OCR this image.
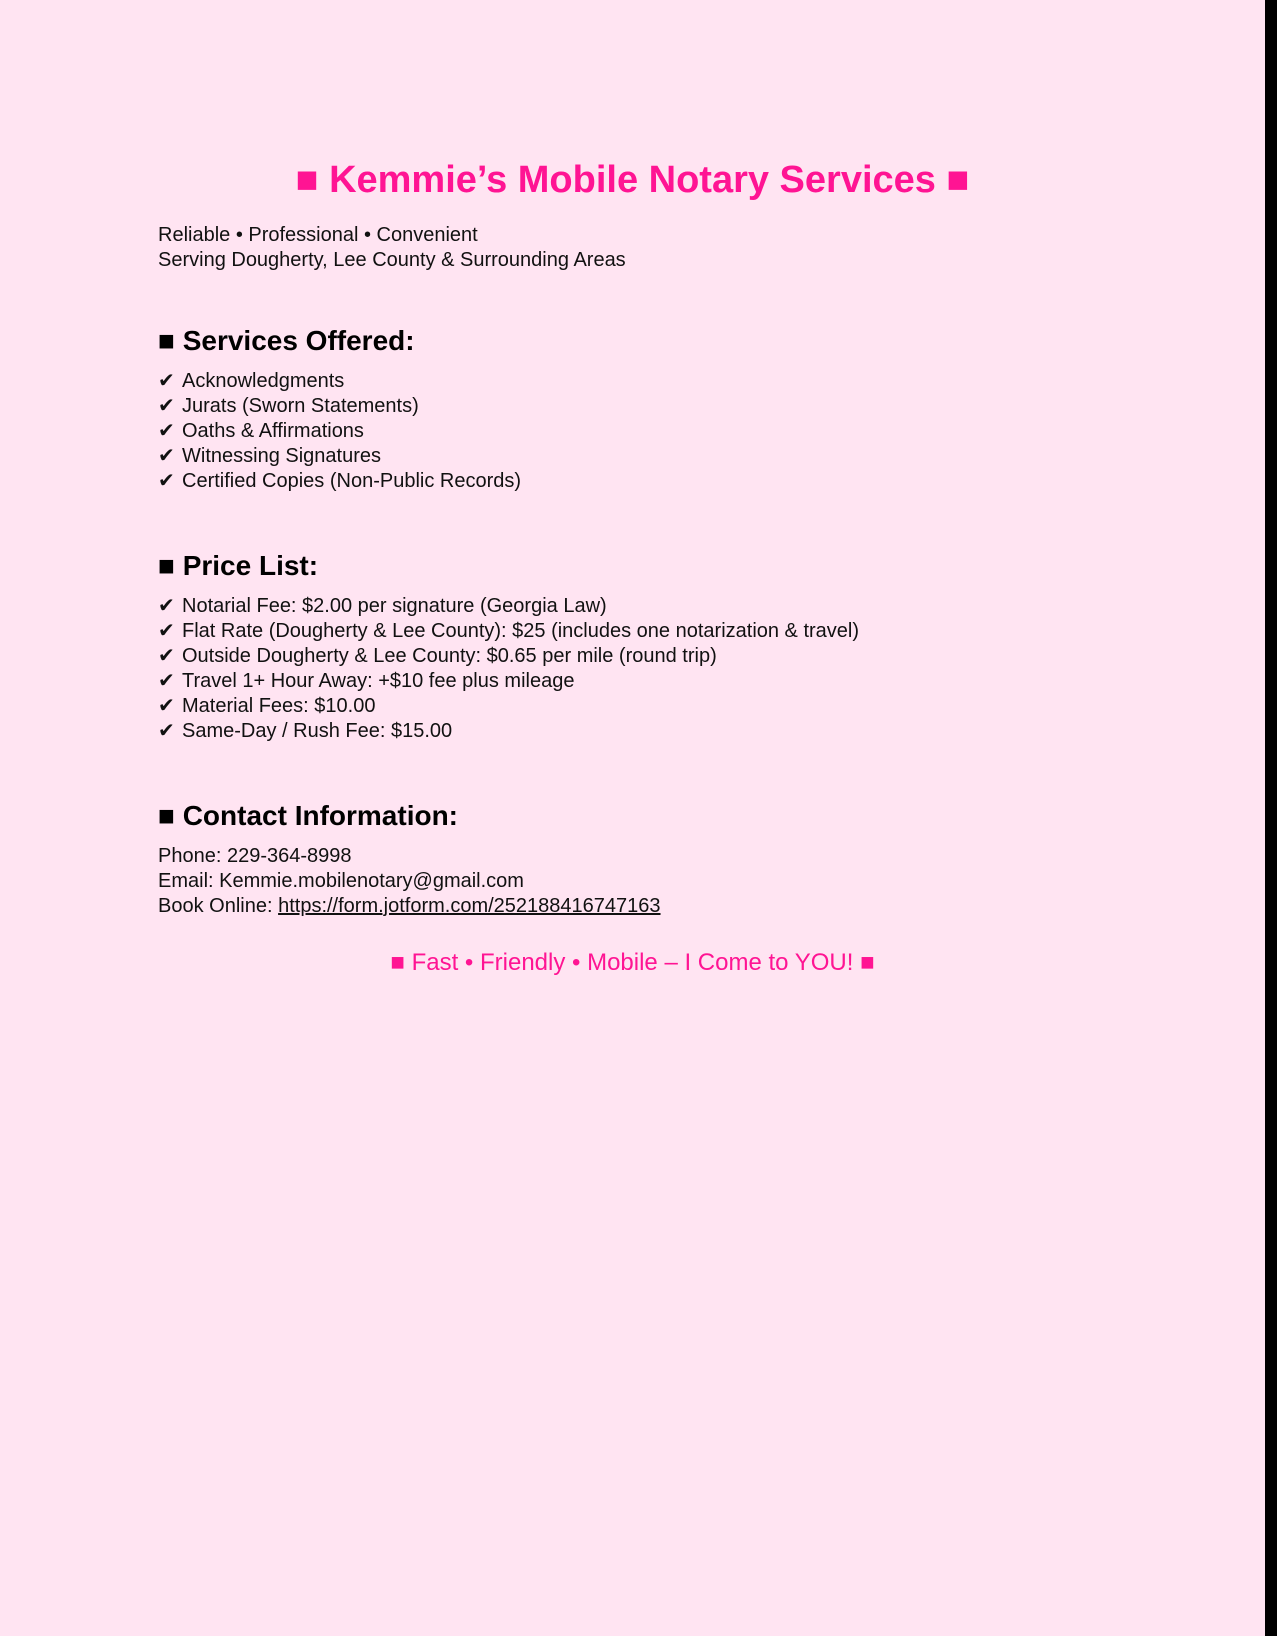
■ Kemmie’s Mobile Notary Services ■
Reliable • Professional • Convenient
Serving Dougherty, Lee County & Surrounding Areas
■ Services Offered:
✔ Acknowledgments
✔ Jurats (Sworn Statements)
✔ Oaths & Affirmations
✔ Witnessing Signatures
✔ Certified Copies (Non-Public Records)
■ Price List:
✔ Notarial Fee: $2.00 per signature (Georgia Law)
✔ Flat Rate (Dougherty & Lee County): $25 (includes one notarization & travel)
✔ Outside Dougherty & Lee County: $0.65 per mile (round trip)
✔ Travel 1+ Hour Away: +$10 fee plus mileage
✔ Material Fees: $10.00
✔ Same-Day / Rush Fee: $15.00
■ Contact Information:
Phone: 229-364-8998
Email: Kemmie.mobilenotary@gmail.com
Book Online: https://form.jotform.com/252188416747163
■ Fast • Friendly • Mobile – I Come to YOU! ■
